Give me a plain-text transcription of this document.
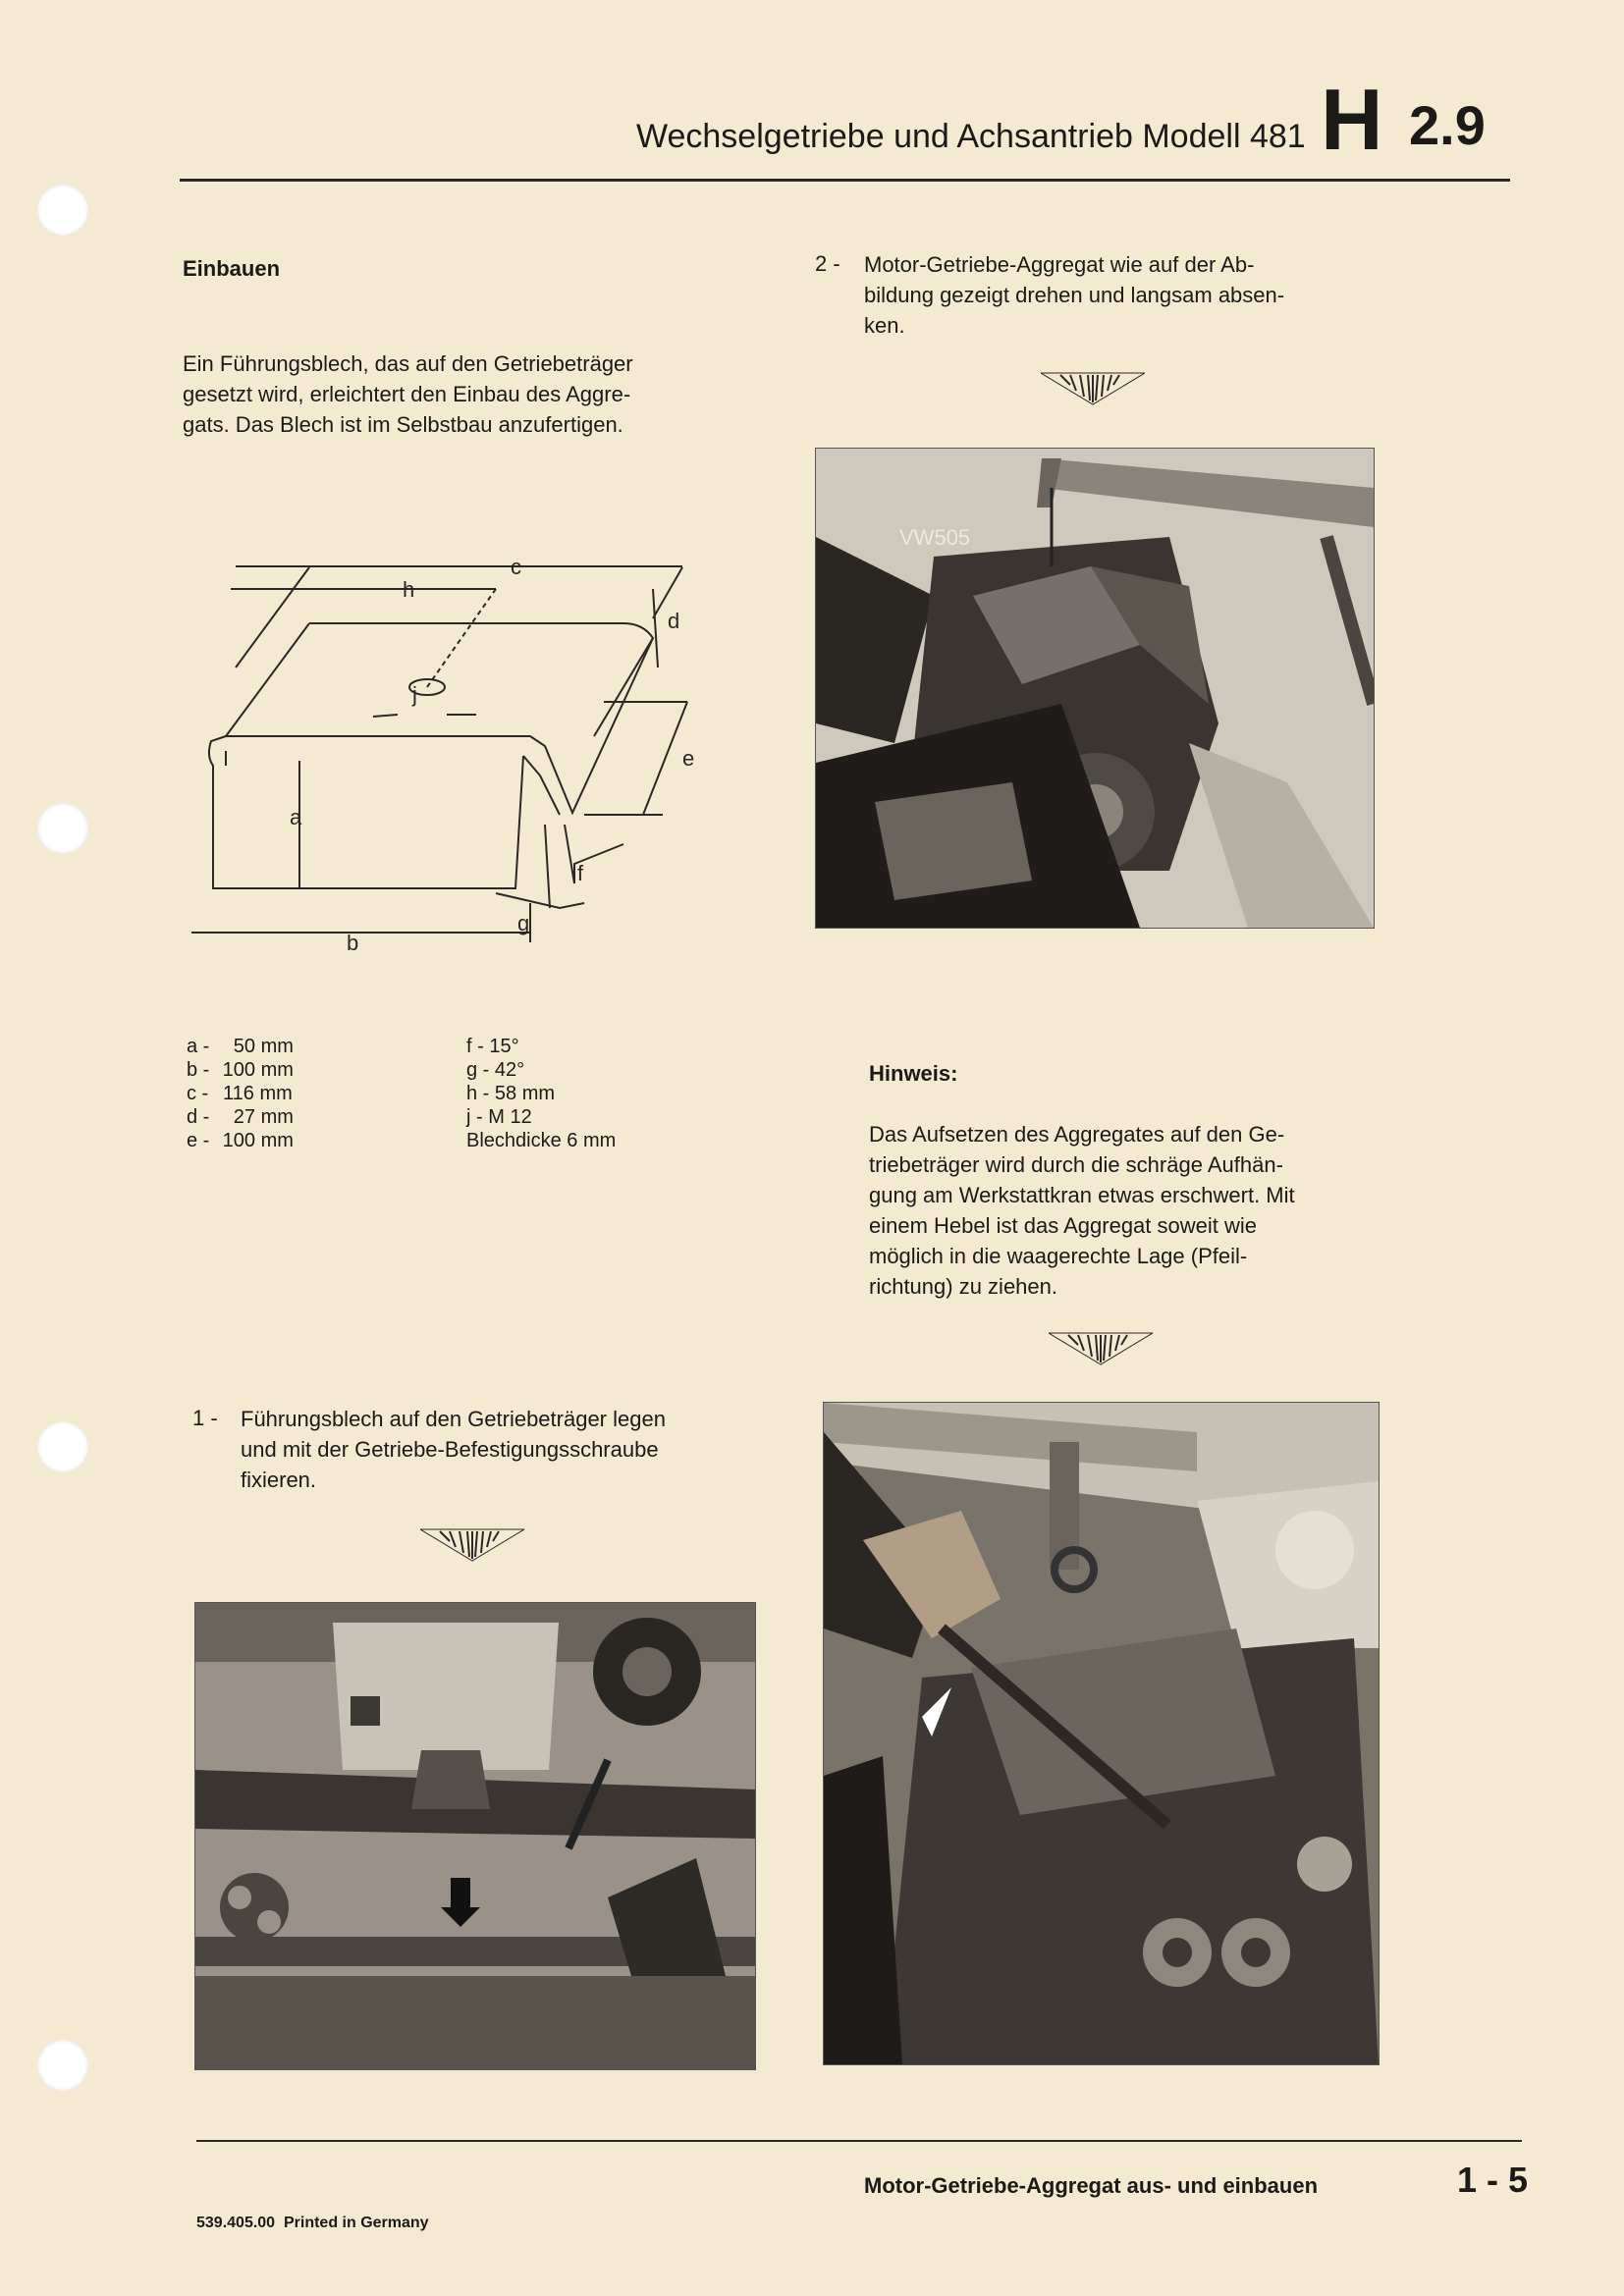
Wechselgetriebe und Achsantrieb Modell 481 H 2.9
Einbauen
Ein Führungsblech, das auf den Getriebeträger
gesetzt wird, erleichtert den Einbau des Aggre-
gats. Das Blech ist im Selbstbau anzufertigen.
c
h
d
e
a
b
f
g
j
a - 50 mm
b - 100 mm
c - 116 mm
d - 27 mm
e - 100 mm
f - 15°
g - 42°
h - 58 mm
j - M 12
Blechdicke 6 mm
1 - Führungsblech auf den Getriebeträger legen
und mit der Getriebe-Befestigungsschraube
fixieren.
2 - Motor-Getriebe-Aggregat wie auf der Ab-
bildung gezeigt drehen und langsam absen-
ken.
VW505
Hinweis:
Das Aufsetzen des Aggregates auf den Ge-
triebeträger wird durch die schräge Aufhän-
gung am Werkstattkran etwas erschwert. Mit
einem Hebel ist das Aggregat soweit wie
möglich in die waagerechte Lage (Pfeil-
richtung) zu ziehen.
Motor-Getriebe-Aggregat aus- und einbauen	1 - 5
539.405.00 Printed in Germany
